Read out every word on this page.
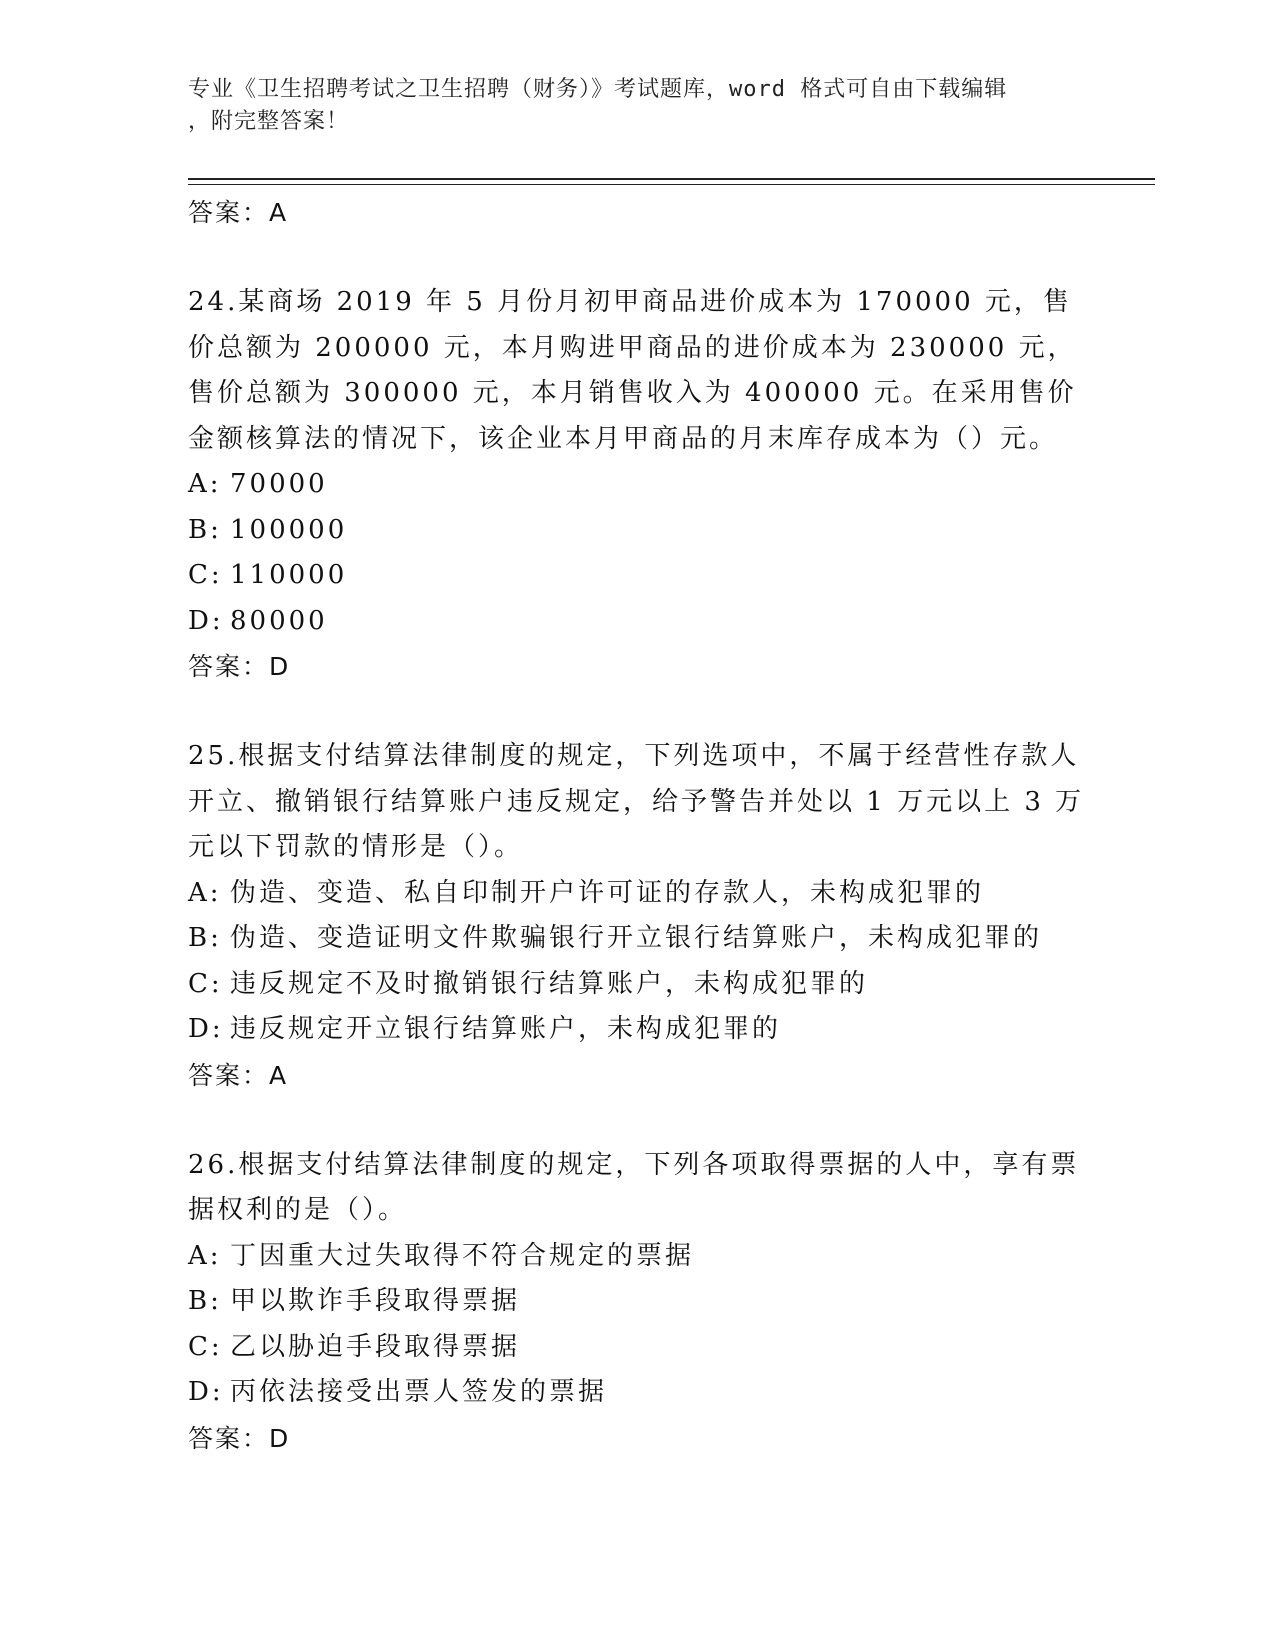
专业《卫生招聘考试之卫生招聘（财务）》考试题库，word 格式可自由下载编辑
，附完整答案！
答案：A
24.某商场 2019 年 5 月份月初甲商品进价成本为 170000 元，售价总额为 200000 元，本月购进甲商品的进价成本为 230000 元，售价总额为 300000 元，本月销售收入为 400000 元。在采用售价金额核算法的情况下，该企业本月甲商品的月末库存成本为（）元。
A: 70000
B: 100000
C: 110000
D: 80000
答案：D
25.根据支付结算法律制度的规定，下列选项中，不属于经营性存款人开立、撤销银行结算账户违反规定，给予警告并处以 1 万元以上 3 万元以下罚款的情形是（）。
A: 伪造、变造、私自印制开户许可证的存款人，未构成犯罪的
B: 伪造、变造证明文件欺骗银行开立银行结算账户，未构成犯罪的
C: 违反规定不及时撤销银行结算账户，未构成犯罪的
D: 违反规定开立银行结算账户，未构成犯罪的
答案：A
26.根据支付结算法律制度的规定，下列各项取得票据的人中，享有票据权利的是（）。
A: 丁因重大过失取得不符合规定的票据
B: 甲以欺诈手段取得票据
C: 乙以胁迫手段取得票据
D: 丙依法接受出票人签发的票据
答案：D
